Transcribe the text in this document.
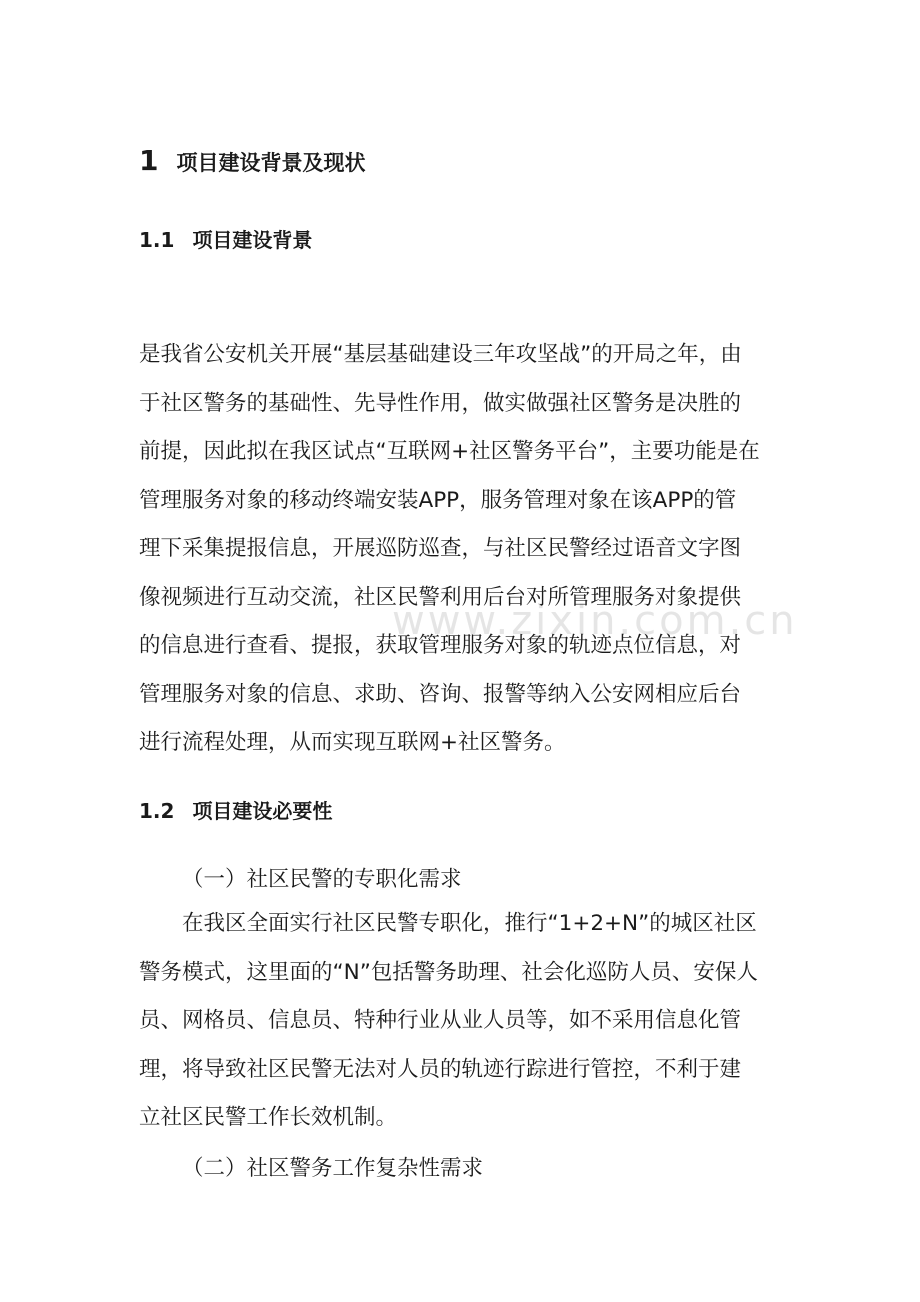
www.zixin.com.cn
1 项目建设背景及现状
1.1 项目建设背景
是我省公安机关开展“基层基础建设三年攻坚战”的开局之年，由
于社区警务的基础性、先导性作用，做实做强社区警务是决胜的
前提，因此拟在我区试点“互联网+社区警务平台”，主要功能是在
管理服务对象的移动终端安装APP，服务管理对象在该APP的管
理下采集提报信息，开展巡防巡查，与社区民警经过语音文字图
像视频进行互动交流，社区民警利用后台对所管理服务对象提供
的信息进行查看、提报，获取管理服务对象的轨迹点位信息，对
管理服务对象的信息、求助、咨询、报警等纳入公安网相应后台
进行流程处理，从而实现互联网+社区警务。
1.2 项目建设必要性
（一）社区民警的专职化需求
在我区全面实行社区民警专职化，推行“1+2+N”的城区社区
警务模式，这里面的“N”包括警务助理、社会化巡防人员、安保人
员、网格员、信息员、特种行业从业人员等，如不采用信息化管
理，将导致社区民警无法对人员的轨迹行踪进行管控，不利于建
立社区民警工作长效机制。
（二）社区警务工作复杂性需求
